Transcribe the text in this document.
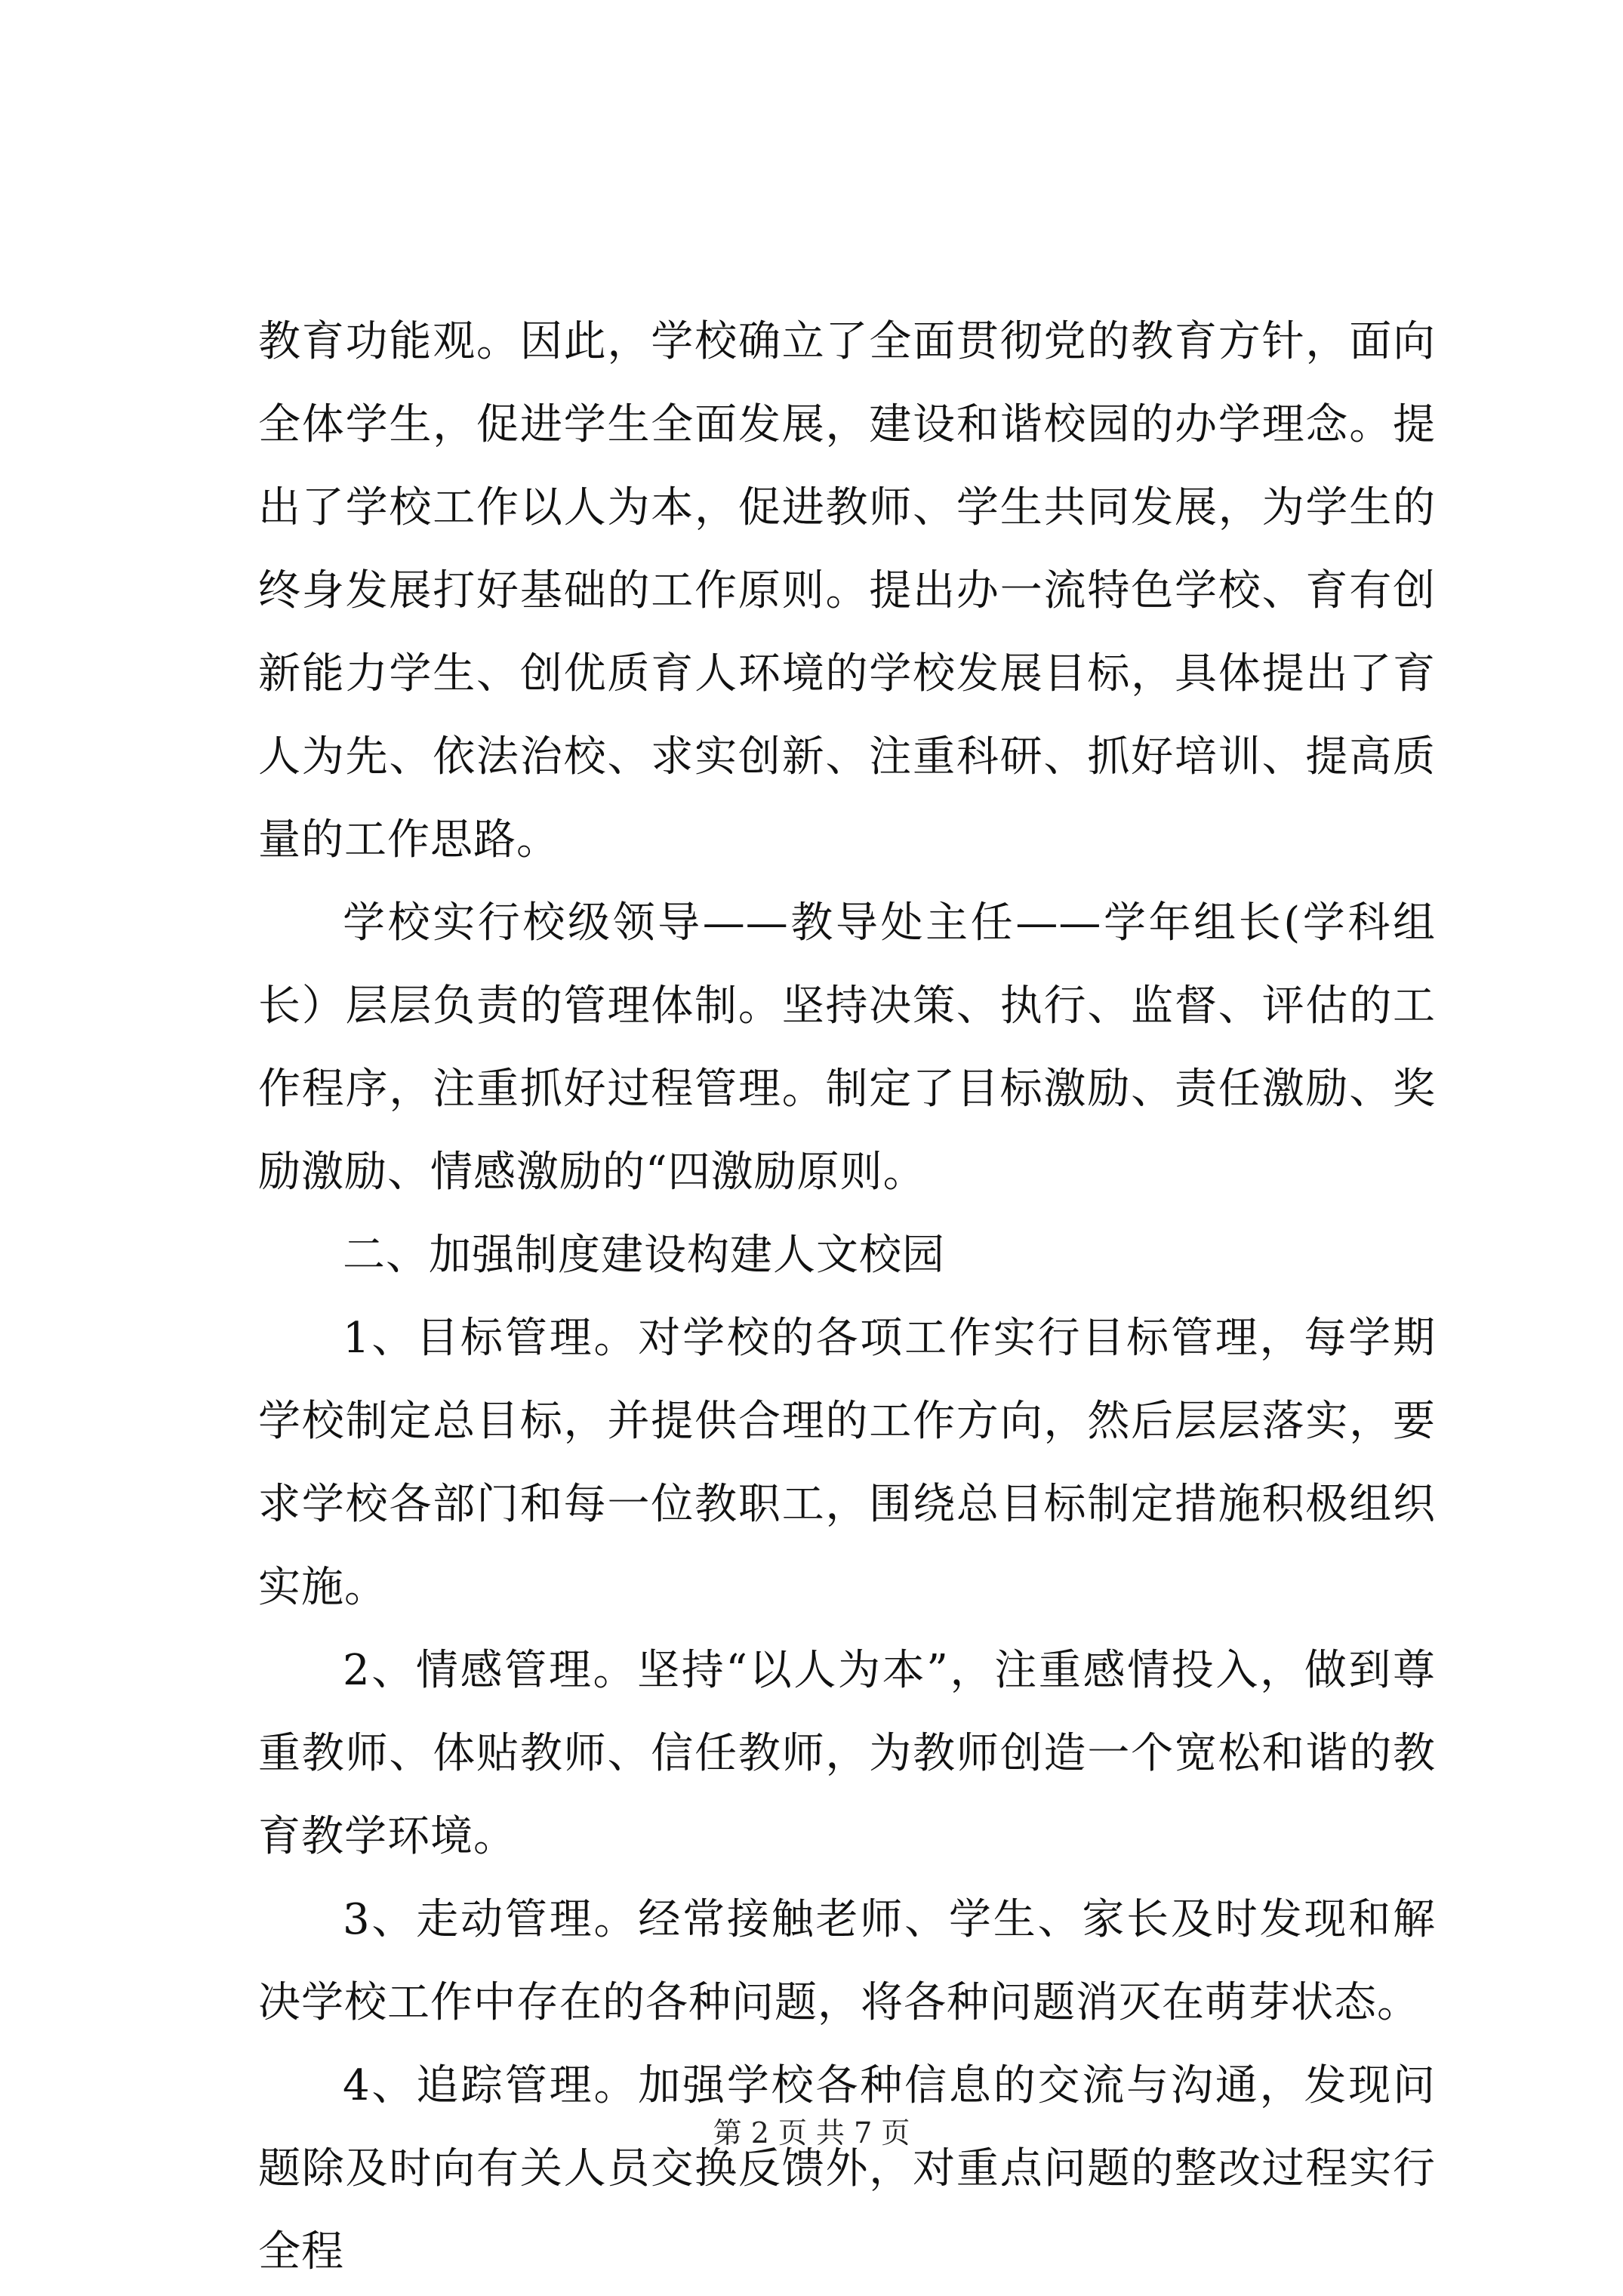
教育功能观。因此，学校确立了全面贯彻党的教育方针，面向全体学生，促进学生全面发展，建设和谐校园的办学理念。提出了学校工作以人为本，促进教师、学生共同发展，为学生的终身发展打好基础的工作原则。提出办一流特色学校、育有创新能力学生、创优质育人环境的学校发展目标，具体提出了育人为先、依法治校、求实创新、注重科研、抓好培训、提高质量的工作思路。

学校实行校级领导——教导处主任——学年组长(学科组长）层层负责的管理体制。坚持决策、执行、监督、评估的工作程序，注重抓好过程管理。制定了目标激励、责任激励、奖励激励、情感激励的“四激励原则。

二、加强制度建设构建人文校园

1、目标管理。对学校的各项工作实行目标管理，每学期学校制定总目标，并提供合理的工作方向，然后层层落实，要求学校各部门和每一位教职工，围绕总目标制定措施积极组织实施。

2、情感管理。坚持“以人为本”，注重感情投入，做到尊重教师、体贴教师、信任教师，为教师创造一个宽松和谐的教育教学环境。

3、走动管理。经常接触老师、学生、家长及时发现和解决学校工作中存在的各种问题，将各种问题消灭在萌芽状态。

4、追踪管理。加强学校各种信息的交流与沟通，发现问题除及时向有关人员交换反馈外，对重点问题的整改过程实行全程

第 2 页 共 7 页
